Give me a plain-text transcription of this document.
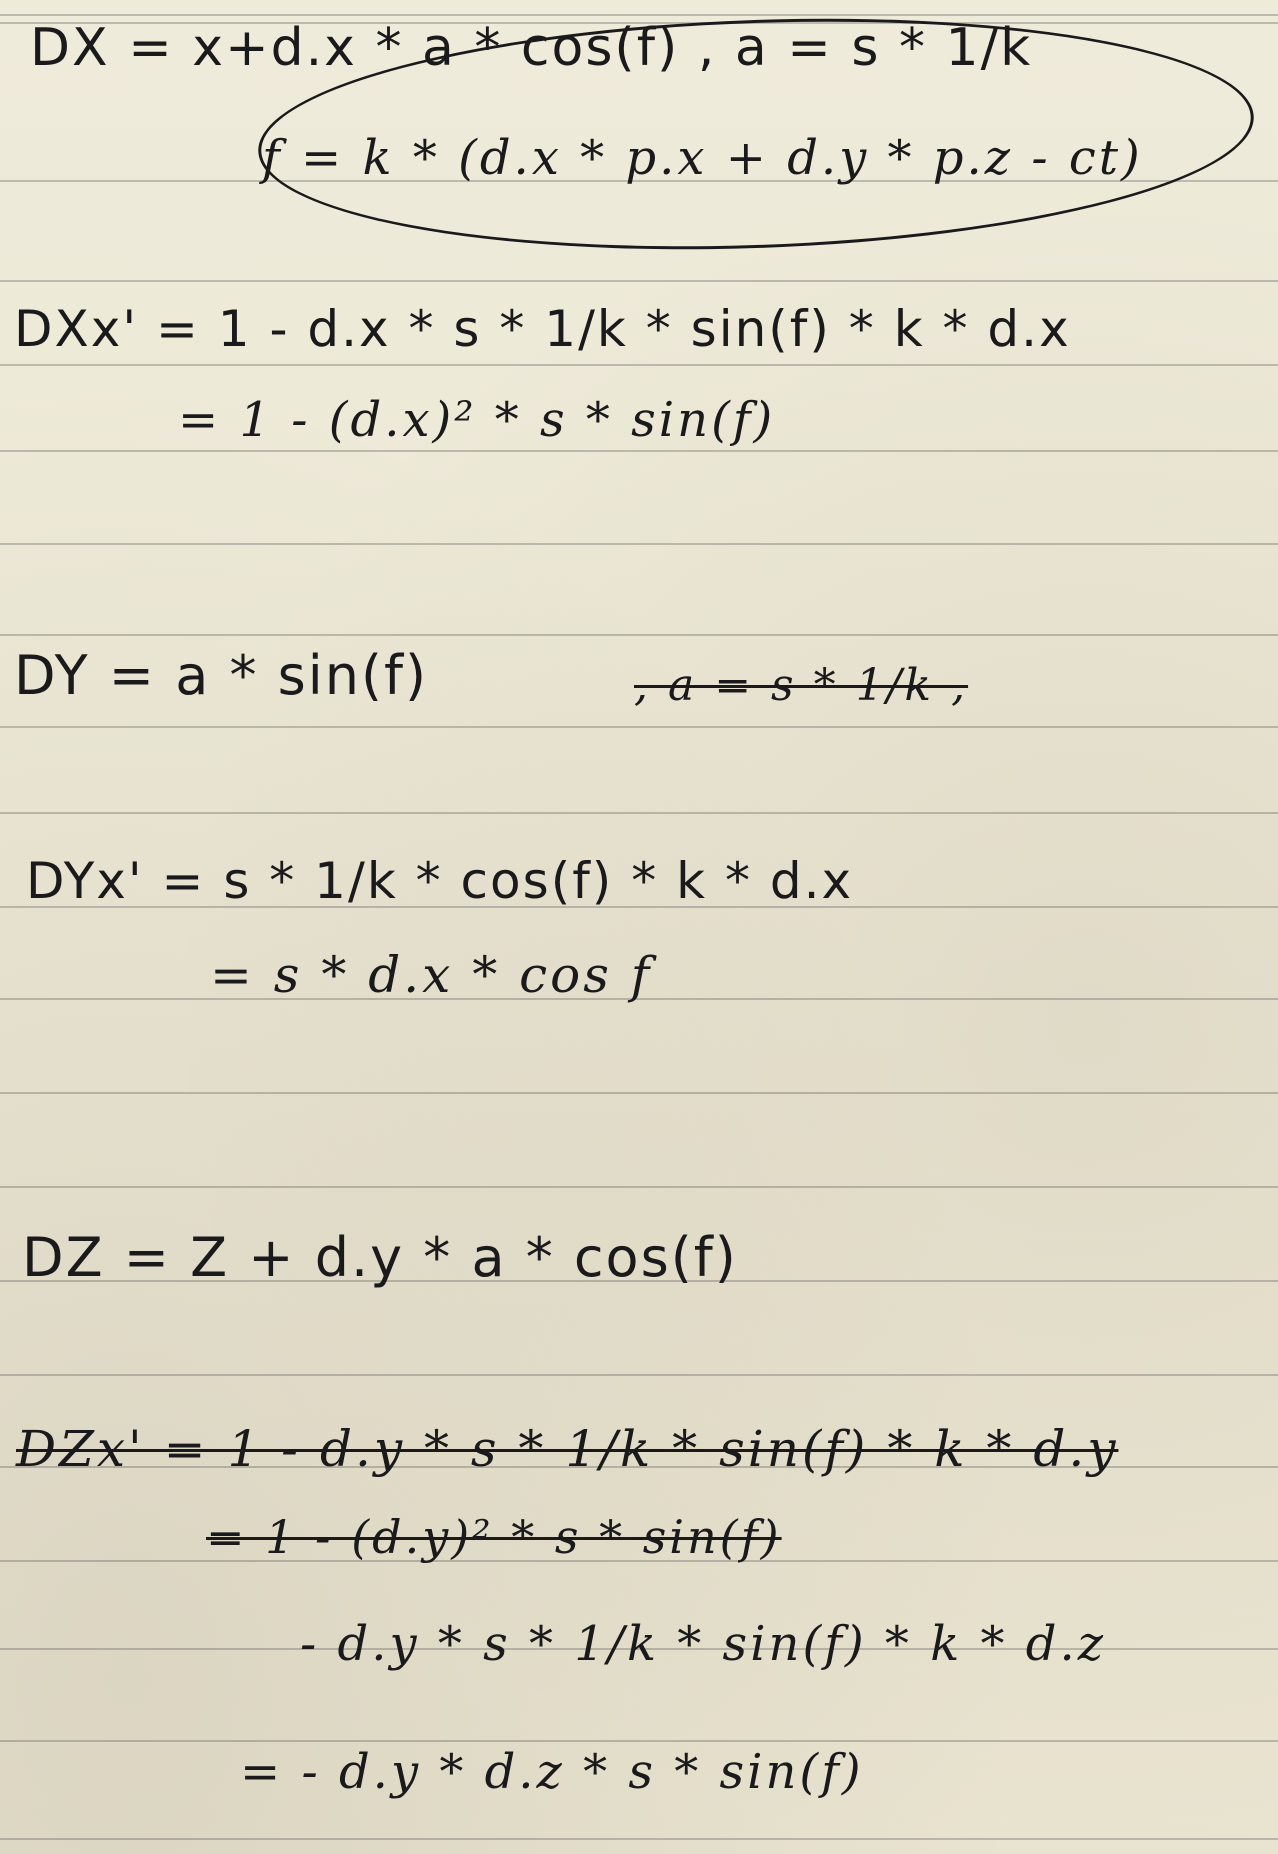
DX = x+d.x * a * cos(f) , a = s * 1/k
f = k * (d.x * p.x + d.y * p.z - ct)
DXx' = 1 - d.x * s * 1/k * sin(f) * k * d.x
= 1 - (d.x)² * s * sin(f)
DY = a * sin(f)	, a = s * 1/k ,
DYx' = s * 1/k * cos(f) * k * d.x
= s * d.x * cos f
DZ = Z + d.y * a * cos(f)
DZx' = 1 - d.y * s * 1/k * sin(f) * k * d.y
= 1 - (d.y)² * s * sin(f)
- d.y * s * 1/k * sin(f) * k * d.z
= - d.y * d.z * s * sin(f)
